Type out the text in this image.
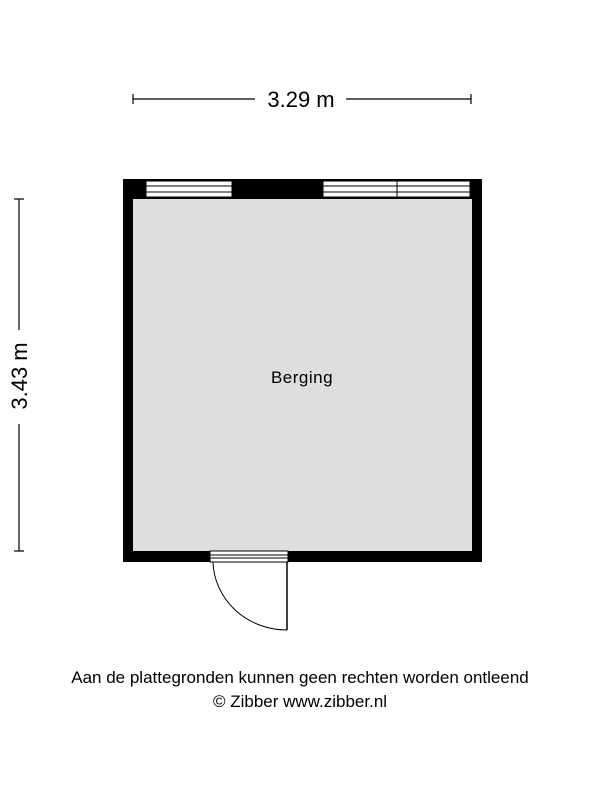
3.29 m
3.43 m	Berging
Aan de plattegronden kunnen geen rechten worden ontleend
© Zibber www.zibber.nl
